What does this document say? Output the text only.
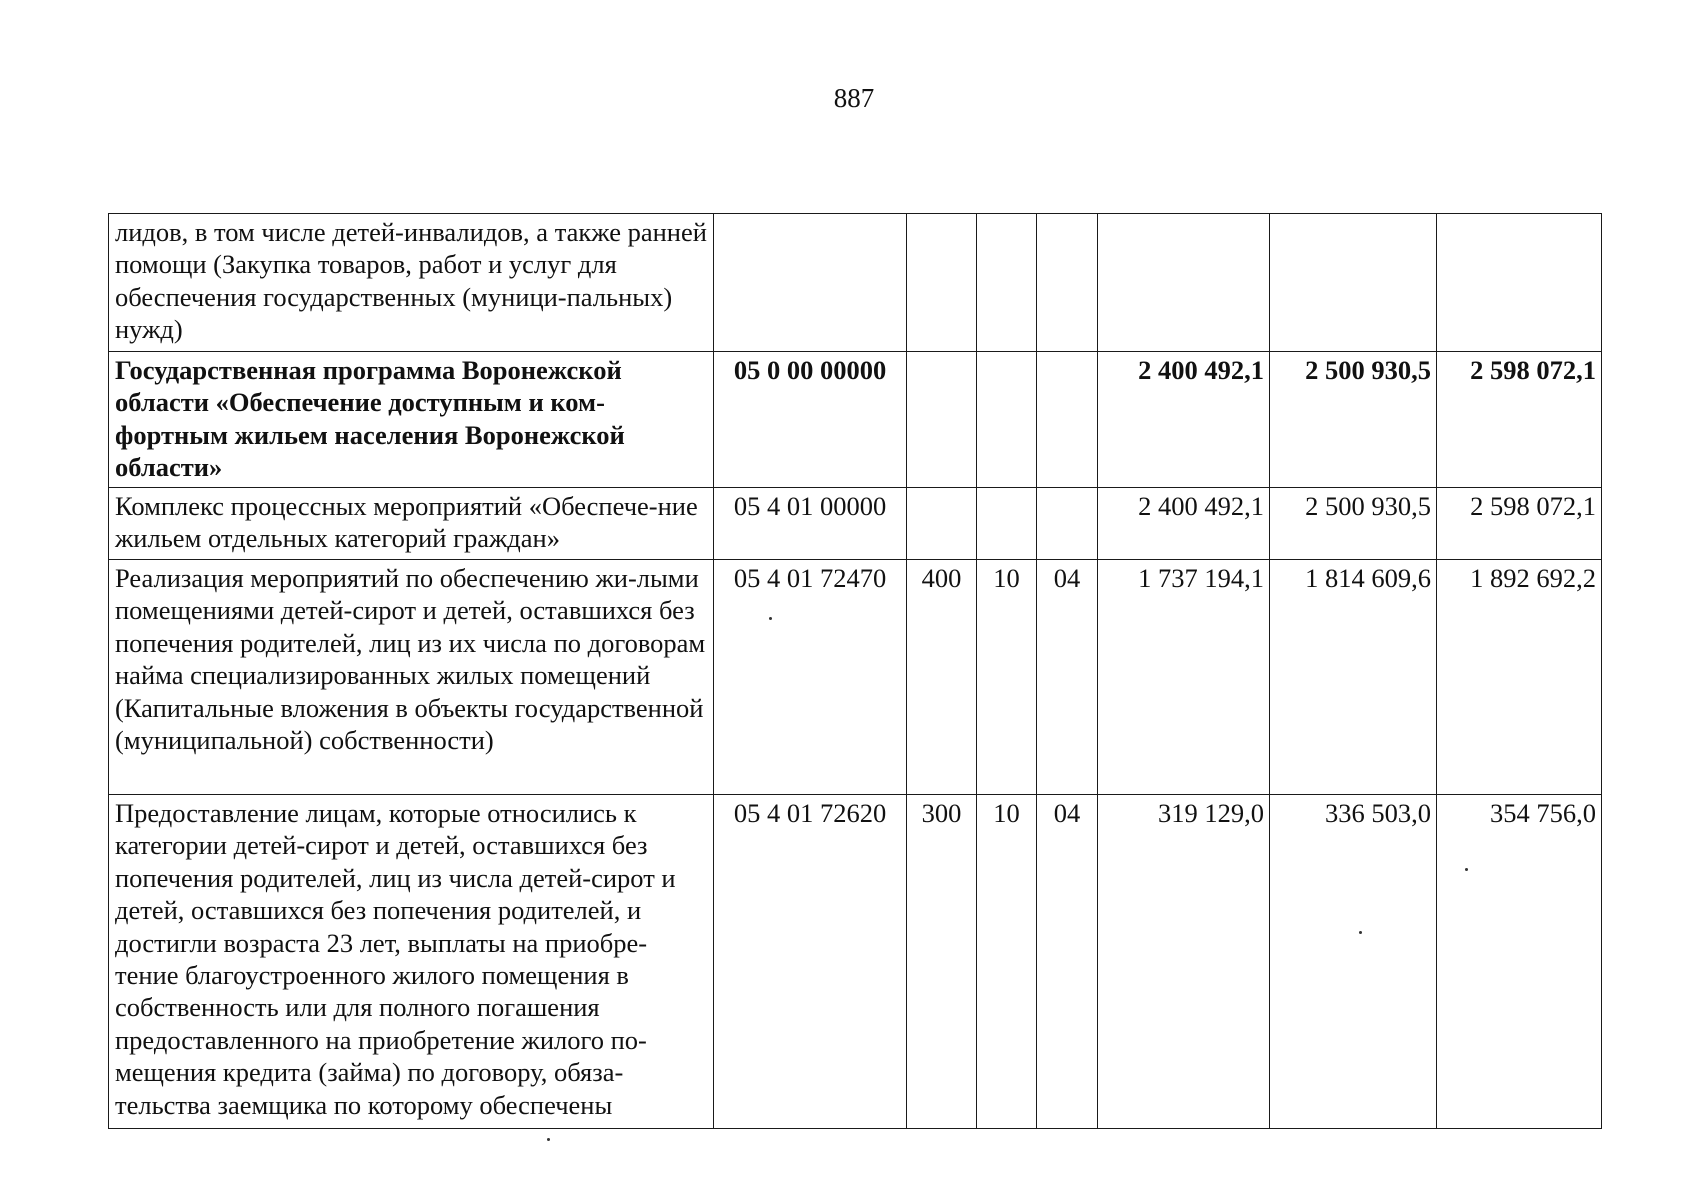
887
лидов, в том числе детей-инвалидов, а также ранней помощи (Закупка товаров, работ и услуг для обеспечения государственных (муници-пальных) нужд)							
Государственная программа Воронежской области «Обеспечение доступным и ком-фортным жильем населения Воронежской области»	05 0 00 00000				2 400 492,1	2 500 930,5	2 598 072,1
Комплекс процессных мероприятий «Обеспече-ние жильем отдельных категорий граждан»	05 4 01 00000				2 400 492,1	2 500 930,5	2 598 072,1
Реализация мероприятий по обеспечению жи-лыми помещениями детей-сирот и детей, оставшихся без попечения родителей, лиц из их числа по договорам найма специализированных жилых помещений (Капитальные вложения в объекты государственной (муниципальной) собственности)	05 4 01 72470	400	10	04	1 737 194,1	1 814 609,6	1 892 692,2
Предоставление лицам, которые относились к категории детей-сирот и детей, оставшихся без попечения родителей, лиц из числа детей-сирот и детей, оставшихся без попечения родителей, и достигли возраста 23 лет, выплаты на приобре-тение благоустроенного жилого помещения в собственность или для полного погашения предоставленного на приобретение жилого по-мещения кредита (займа) по договору, обяза-тельства заемщика по которому обеспечены	05 4 01 72620	300	10	04	319 129,0	336 503,0	354 756,0
